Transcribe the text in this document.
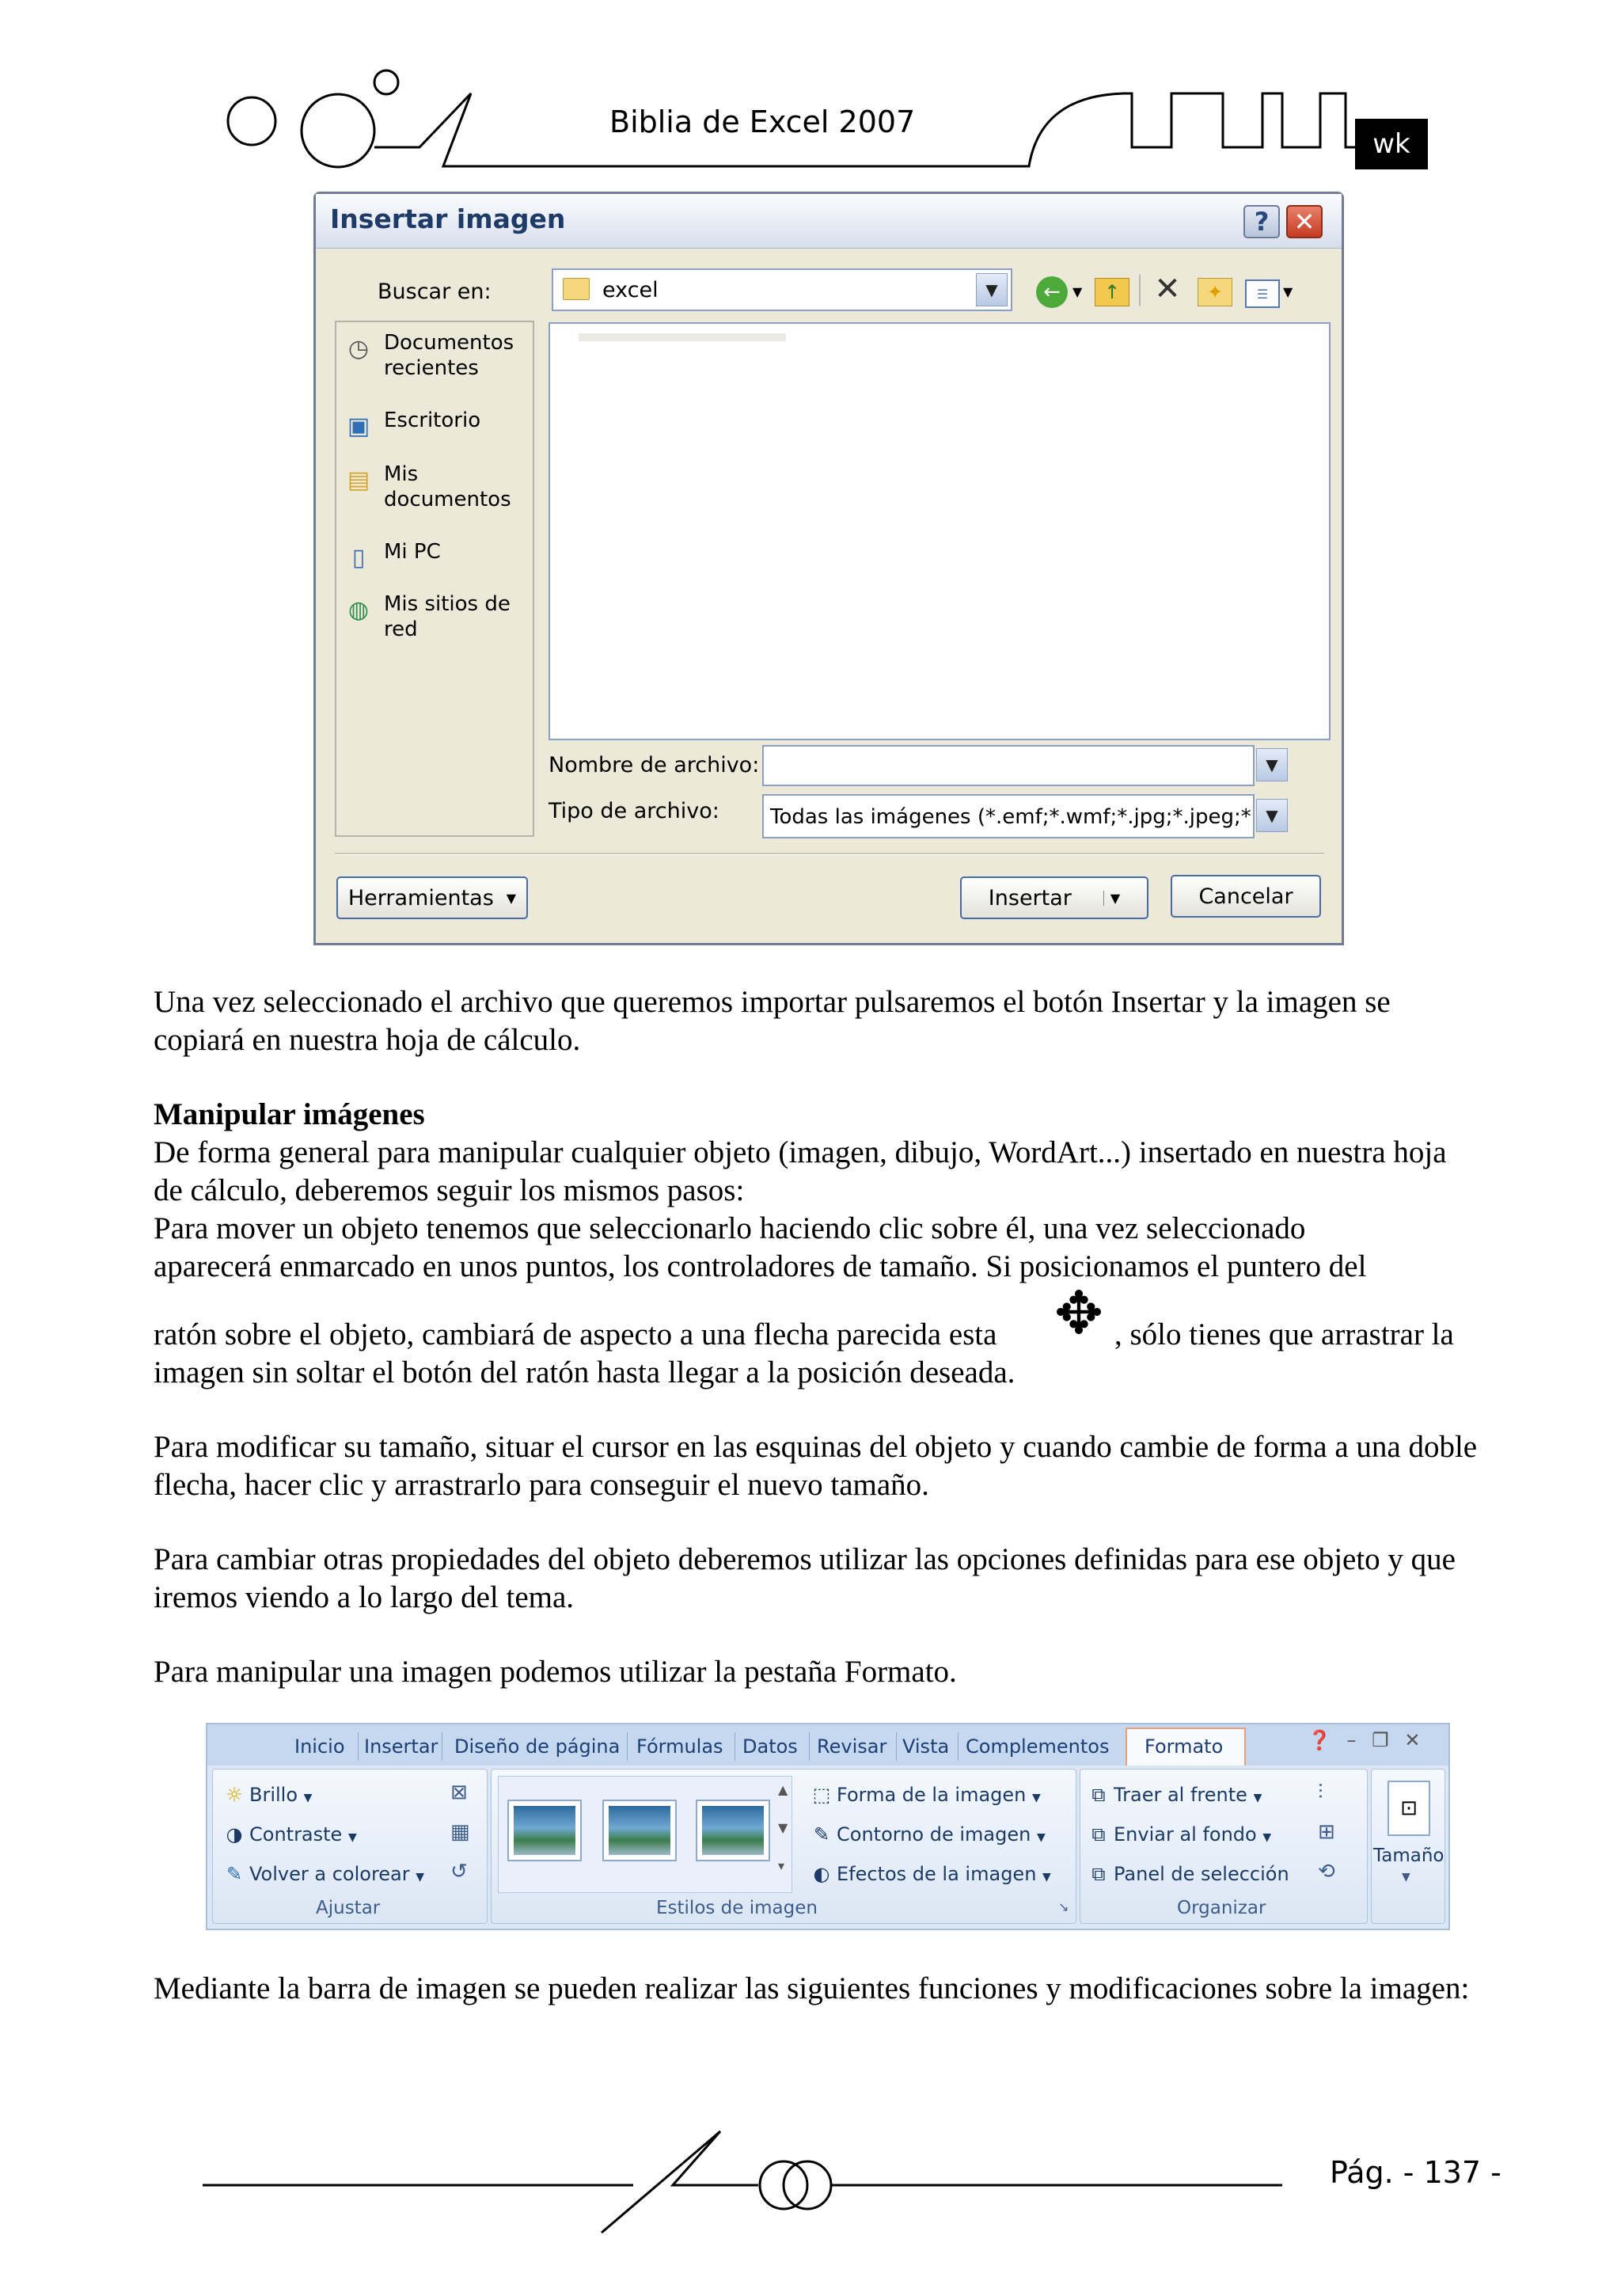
Biblia de Excel 2007
wk
Insertar imagen	? ✕
Buscar en:	excel	▼	← ▼	↑ ✕	✦	☰	▼
◷ Documentos
recientes
▣ Escritorio
▤ Mis
documentos
▯ Mi PC
◍ Mis sitios de
red
Nombre de archivo:	▼
Tipo de archivo: Todas las imágenes (*.emf;*.wmf;*.jpg;*.jpeg;* ▼
Herramientas ▼	Insertar	▼	Cancelar
Una vez seleccionado el archivo que queremos importar pulsaremos el botón Insertar y la imagen se copiará en nuestra hoja de cálculo.
Manipular imágenes
De forma general para manipular cualquier objeto (imagen, dibujo, WordArt...) insertado en nuestra hoja de cálculo, deberemos seguir los mismos pasos:
Para mover un objeto tenemos que seleccionarlo haciendo clic sobre él, una vez seleccionado
aparecerá enmarcado en unos puntos, los controladores de tamaño. Si posicionamos el puntero del
ratón sobre el objeto, cambiará de aspecto a una flecha parecida esta ✥ , sólo tienes que arrastrar la
imagen sin soltar el botón del ratón hasta llegar a la posición deseada.
Para modificar su tamaño, situar el cursor en las esquinas del objeto y cuando cambie de forma a una doble flecha, hacer clic y arrastrarlo para conseguir el nuevo tamaño.
Para cambiar otras propiedades del objeto deberemos utilizar las opciones definidas para ese objeto y que iremos viendo a lo largo del tema.
Para manipular una imagen podemos utilizar la pestaña Formato.
Inicio Insertar Diseño de página Fórmulas Datos Revisar Vista Complementos Formato	❓ – ❐ ✕
☼ Brillo ▼
◑ Contraste ▼
✎ Volver a colorear ▼
⊠
▦
↺
Ajustar
▲
▼
▾
⬚ Forma de la imagen ▼
✎ Contorno de imagen ▼
◐ Efectos de la imagen ▼
Estilos de imagen	↘
⧉ Traer al frente ▼
⧉ Enviar al fondo ▼
⧉ Panel de selección
⫶
⊞
⟲
Organizar
⊡
Tamaño
▼
Mediante la barra de imagen se pueden realizar las siguientes funciones y modificaciones sobre la imagen:
Pág. - 137 -
